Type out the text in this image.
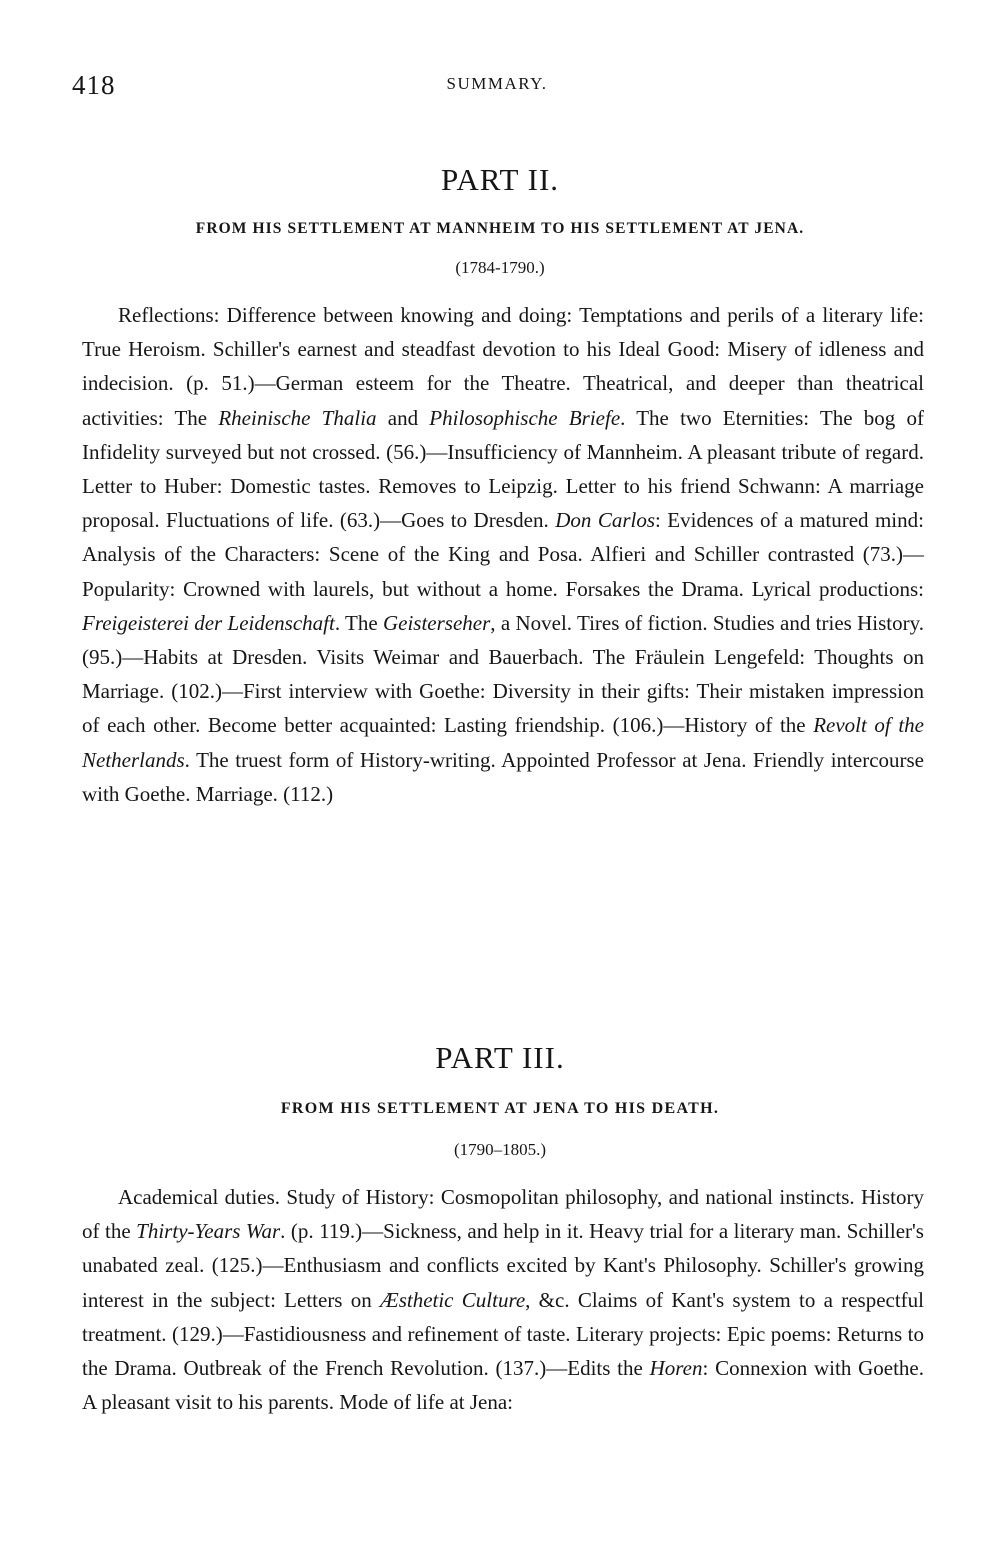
418	SUMMARY.
PART II.
FROM HIS SETTLEMENT AT MANNHEIM TO HIS SETTLEMENT AT JENA.
(1784-1790.)

Reflections: Difference between knowing and doing: Temptations and perils of a literary life: True Heroism. Schiller's earnest and steadfast devotion to his Ideal Good: Misery of idleness and indecision. (p. 51.)—German esteem for the Theatre. Theatrical, and deeper than theatrical activities: The Rheinische Thalia and Philosophische Briefe. The two Eternities: The bog of Infidelity surveyed but not crossed. (56.)—Insufficiency of Mannheim. A pleasant tribute of regard. Letter to Huber: Domestic tastes. Removes to Leipzig. Letter to his friend Schwann: A marriage proposal. Fluctuations of life. (63.)—Goes to Dresden. Don Carlos: Evidences of a matured mind: Analysis of the Characters: Scene of the King and Posa. Alfieri and Schiller contrasted (73.)—Popularity: Crowned with laurels, but without a home. Forsakes the Drama. Lyrical productions: Freigeisterei der Leidenschaft. The Geisterseher, a Novel. Tires of fiction. Studies and tries History. (95.)—Habits at Dresden. Visits Weimar and Bauerbach. The Fräulein Lengefeld: Thoughts on Marriage. (102.)—First interview with Goethe: Diversity in their gifts: Their mistaken impression of each other. Become better acquainted: Lasting friendship. (106.)—History of the Revolt of the Netherlands. The truest form of History-writing. Appointed Professor at Jena. Friendly intercourse with Goethe. Marriage. (112.)

PART III.
FROM HIS SETTLEMENT AT JENA TO HIS DEATH.
(1790–1805.)

Academical duties. Study of History: Cosmopolitan philosophy, and national instincts. History of the Thirty-Years War. (p. 119.)—Sickness, and help in it. Heavy trial for a literary man. Schiller's unabated zeal. (125.)—Enthusiasm and conflicts excited by Kant's Philosophy. Schiller's growing interest in the subject: Letters on Æsthetic Culture, &c. Claims of Kant's system to a respectful treatment. (129.)—Fastidiousness and refinement of taste. Literary projects: Epic poems: Returns to the Drama. Outbreak of the French Revolution. (137.)—Edits the Horen: Connexion with Goethe. A pleasant visit to his parents. Mode of life at Jena:
